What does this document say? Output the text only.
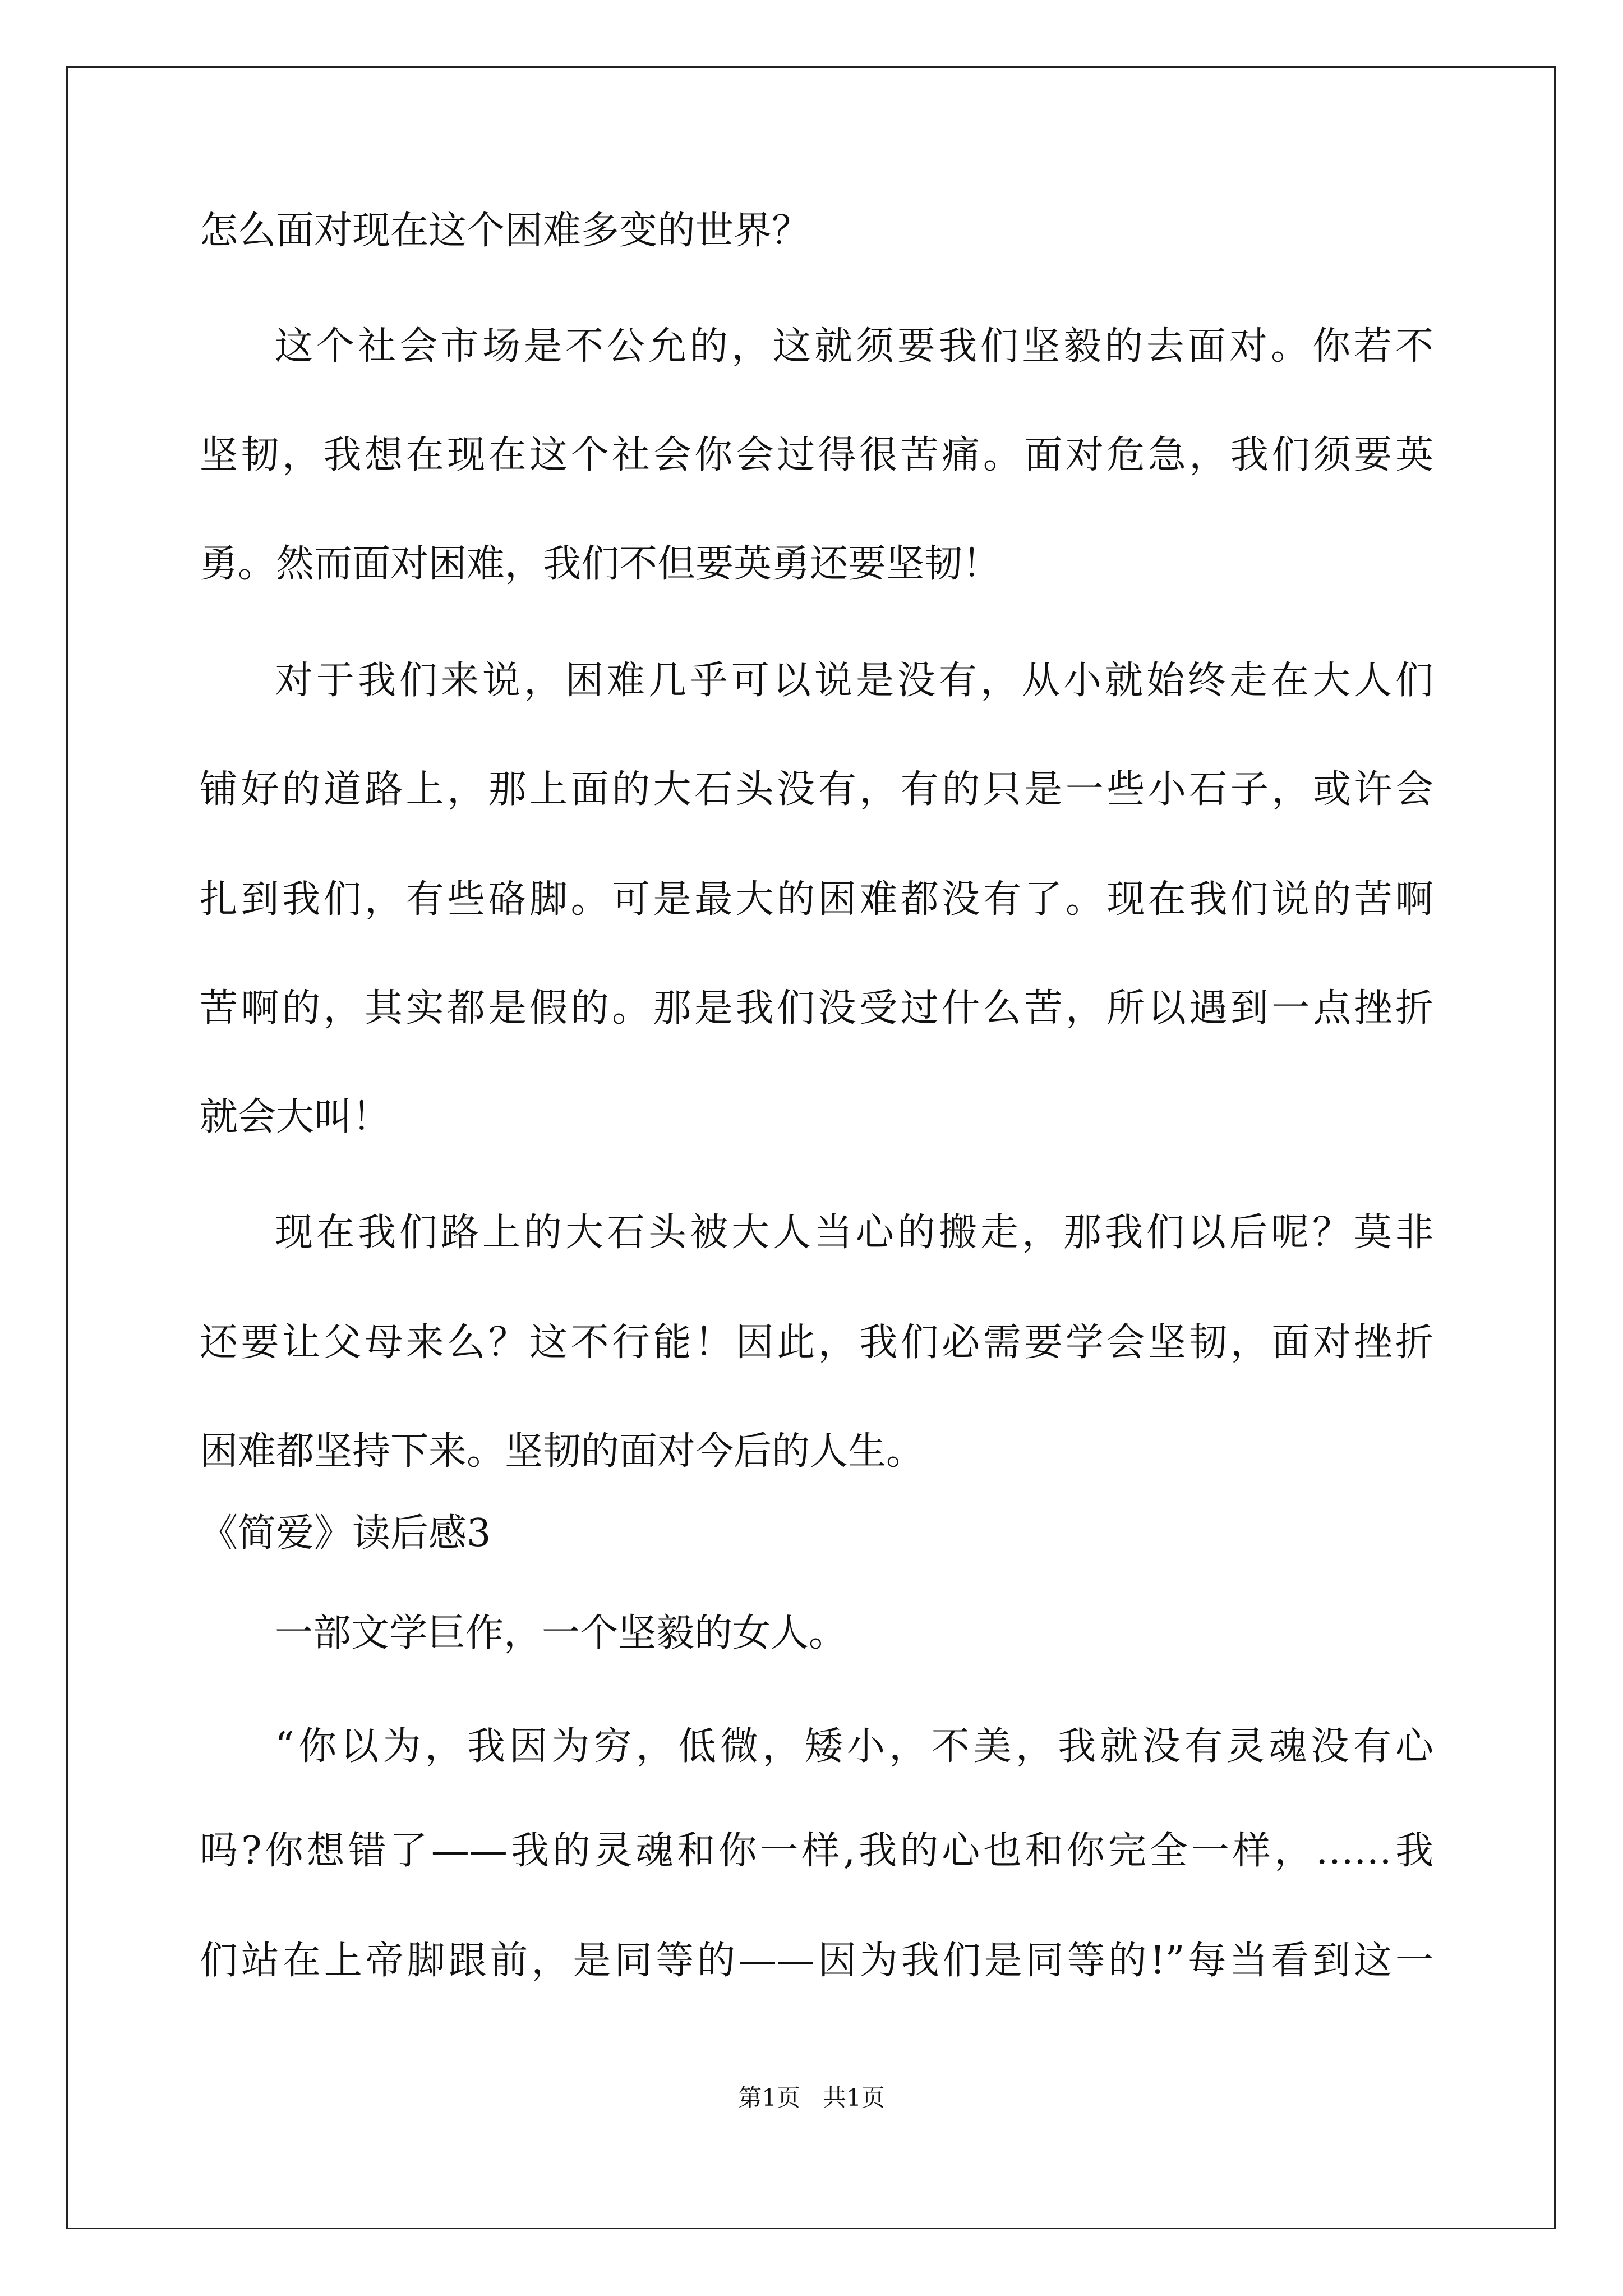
怎么面对现在这个困难多变的世界？
这个社会市场是不公允的，这就须要我们坚毅的去面对。你若不
坚韧，我想在现在这个社会你会过得很苦痛。面对危急，我们须要英
勇。然而面对困难，我们不但要英勇还要坚韧！
对于我们来说，困难几乎可以说是没有，从小就始终走在大人们
铺好的道路上，那上面的大石头没有，有的只是一些小石子，或许会
扎到我们，有些硌脚。可是最大的困难都没有了。现在我们说的苦啊
苦啊的，其实都是假的。那是我们没受过什么苦，所以遇到一点挫折
就会大叫！
现在我们路上的大石头被大人当心的搬走，那我们以后呢？莫非
还要让父母来么？这不行能！因此，我们必需要学会坚韧，面对挫折
困难都坚持下来。坚韧的面对今后的人生。
《简爱》读后感3
一部文学巨作，一个坚毅的女人。
“你以为，我因为穷，低微，矮小，不美，我就没有灵魂没有心
吗?你想错了——我的灵魂和你一样,我的心也和你完全一样，……我
们站在上帝脚跟前，是同等的——因为我们是同等的!”每当看到这一
第1页   共1页
